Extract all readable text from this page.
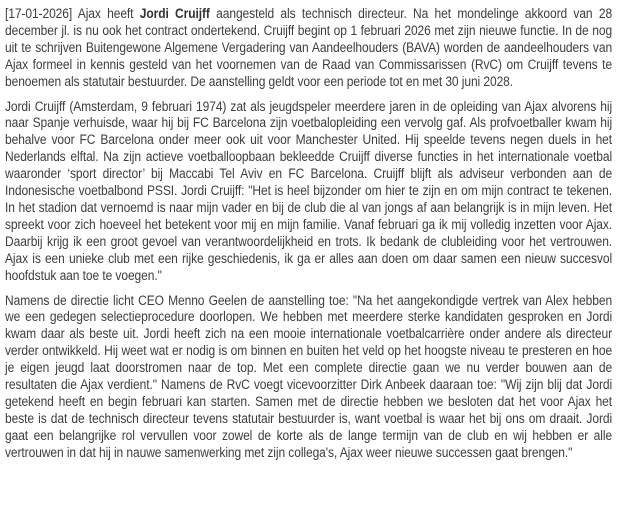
[17-01-2026] Ajax heeft Jordi Cruijff aangesteld als technisch directeur. Na het mondelinge akkoord van 28 december jl. is nu ook het contract ondertekend. Cruijff begint op 1 februari 2026 met zijn nieuwe functie. In de nog uit te schrijven Buitengewone Algemene Vergadering van Aandeelhouders (BAVA) worden de aandeelhouders van Ajax formeel in kennis gesteld van het voornemen van de Raad van Commissarissen (RvC) om Cruijff tevens te benoemen als statutair bestuurder. De aanstelling geldt voor een periode tot en met 30 juni 2028.

Jordi Cruijff (Amsterdam, 9 februari 1974) zat als jeugdspeler meerdere jaren in de opleiding van Ajax alvorens hij naar Spanje verhuisde, waar hij bij FC Barcelona zijn voetbalopleiding een vervolg gaf. Als profvoetballer kwam hij behalve voor FC Barcelona onder meer ook uit voor Manchester United. Hij speelde tevens negen duels in het Nederlands elftal. Na zijn actieve voetballoopbaan bekleedde Cruijff diverse functies in het internationale voetbal waaronder ‘sport director’ bij Maccabi Tel Aviv en FC Barcelona. Cruijff blijft als adviseur verbonden aan de Indonesische voetbalbond PSSI. Jordi Cruijff: "Het is heel bijzonder om hier te zijn en om mijn contract te tekenen. In het stadion dat vernoemd is naar mijn vader en bij de club die al van jongs af aan belangrijk is in mijn leven. Het spreekt voor zich hoeveel het betekent voor mij en mijn familie. Vanaf februari ga ik mij volledig inzetten voor Ajax. Daarbij krijg ik een groot gevoel van verantwoordelijkheid en trots. Ik bedank de clubleiding voor het vertrouwen. Ajax is een unieke club met een rijke geschiedenis, ik ga er alles aan doen om daar samen een nieuw succesvol hoofdstuk aan toe te voegen."

Namens de directie licht CEO Menno Geelen de aanstelling toe: "Na het aangekondigde vertrek van Alex hebben we een gedegen selectieprocedure doorlopen. We hebben met meerdere sterke kandidaten gesproken en Jordi kwam daar als beste uit. Jordi heeft zich na een mooie internationale voetbalcarrière onder andere als directeur verder ontwikkeld. Hij weet wat er nodig is om binnen en buiten het veld op het hoogste niveau te presteren en hoe je eigen jeugd laat doorstromen naar de top. Met een complete directie gaan we nu verder bouwen aan de resultaten die Ajax verdient." Namens de RvC voegt vicevoorzitter Dirk Anbeek daaraan toe: "Wij zijn blij dat Jordi getekend heeft en begin februari kan starten. Samen met de directie hebben we besloten dat het voor Ajax het beste is dat de technisch directeur tevens statutair bestuurder is, want voetbal is waar het bij ons om draait. Jordi gaat een belangrijke rol vervullen voor zowel de korte als de lange termijn van de club en wij hebben er alle vertrouwen in dat hij in nauwe samenwerking met zijn collega's, Ajax weer nieuwe successen gaat brengen."
